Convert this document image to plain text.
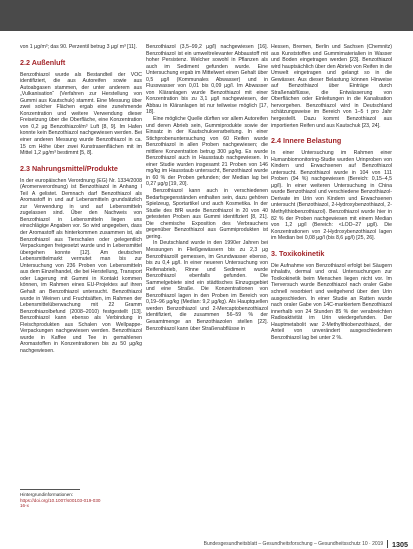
von 1 µg/m³; das 90. Perzentil betrug 3 µg/ m³ [11].

2.2 Außenluft

Benzothiazol wurde als Bestandteil der VOC identifiziert, die aus Autoreifen sowie aus Autoabgasen stammen, der unter anderem aus „Vulkanisation“ (Verfahren zur Herstellung von Gummi aus Kautschuk) stammt. Eine Messung über zwei solcher Flächen ergab eine zunehmende Konzentration und weitere Verwendung dieser Freisetzung über die Oberfläche, eine Konzentration von 0,2 µg Benzothiazol/m³ Luft [8, 9]. Im Hafen konnte kein Benzothiazol nachgewiesen werden. Bei einer anderen Messung wurde Benzothiazol in ca. 15 cm Höhe über zwei Kunstrasenflächen mit im Mittel 1,2 µg/m³ bestimmt [5, 8].

2.3 Nahrungsmittel/Produkte

In der europäischen Verordnung (EG) Nr. 1334/2008 (Aromenverordnung) ist Benzothiazol in Anhang I Teil A gelistet. Demnach darf Benzothiazol als Aromastoff in und auf Lebensmitteln grundsätzlich zur Verwendung in und auf Lebensmitteln zugelassen sind. Über den Nachweis von Benzothiazol in Lebensmitteln liegen uns einschlägige Angaben vor. So wird angegeben, dass der Aromastoff als hinterkommen zusammen ist, als Benzothiazol aus Tierschalen oder gelegentlich Verpackungen freigesetzt wurde und in Lebensmittel übergehen konnte [12]. Am deutschen Lebensmittelmarkt vermutet man bis zur Untersuchung von 236 Proben von Lebensmitteln aus dem Einzelhandel, die bei Herstellung, Transport oder Lagerung mit Gummi in Kontakt kommen können, im Rahmen eines EU-Projektes auf ihren Gehalt an Benzothiazol untersucht. Benzothiazol wurde in Weinen und Fruchtsäften, im Rahmen der Lebensmittelüberwachung mit 22 Gramm Benzothiazolbefund (2008–2010) festgestellt [13]. Benzothiazol kann ebenso als Verbindung in Fleischprodukten aus Schalen von Wellpappe-Verpackungen nachgewiesen werden. Benzothiazol wurde in Kaffee und Tee in gemahlenen Aromastoffen in Konzentrationen bis zu 50 µg/kg nachgewiesen.

Benzothiazol (3,5–99,2 µg/l) nachgewiesen [16]. Benzothiazol ist ein umweltrelevanter Abbaustoff mit hoher Persistenz. Welcher sowohl in Pflanzen als auch im Sediment gefunden wurde. Eine Untersuchung ergab im Mittelwert einen Gehalt über 0,5 µg/l (Kommunales Abwasser) und in Flusswasser von 0,01 bis 0,09 µg/l. Im Abwasser von Kläranlagen wurde Benzothiazol mit einer Konzentration bis zu 3,1 µg/l nachgewiesen, der Abbau in Kläranlagen ist nur teilweise möglich [17, 18].

Eine mögliche Quelle dürften vor allem Autoreifen und deren Abrieb sein, Gummiprodukte sowie der Einsatz in der Kautschukverarbeitung. In einer Stichprobenuntersuchung von 60 Reifen wurde Benzothiazol in allen Proben nachgewiesen; die mittlere Konzentration betrug 300 µg/kg. Es wurde Benzothiazol auch in Hausstaub nachgewiesen. In einer Studie wurden insgesamt 21 Proben von 146 mg/kg im Hausstaub untersucht, Benzothiazol wurde in 60 % der Proben gefunden; der Median lag bei 0,27 µg/g [19, 20].

Benzothiazol kann auch in verschiedenen Bedarfsgegenständen enthalten sein, dazu gehören Spielzeug, Sportartikel und auch Kosmetika. In der Studie des BfR wurde Benzothiazol in 20 von 40 getesteten Proben aus Gummi identifiziert [8, 21]. Die chemische Exposition des Verbrauchers gegenüber Benzothiazol aus Gummiprodukten ist gering.

In Deutschland wurde in den 1990er Jahren bei Messungen in Fließgewässern bis zu 2,3 µg Benzothiazol/l gemessen, im Grundwasser ebenso, bis zu 0,4 µg/l. In einer neueren Untersuchung von Reifenabrieb, Rinne und Sediment wurde Benzothiazol ebenfalls gefunden. Die Sammelgebiete sind ein städtisches Einzugsgebiet und eine Straße. Die Konzentrationen von Benzothiazol lagen in den Proben im Bereich von 0,19–96 µg/kg (Median: 9,2 µg/kg). Als Hauptquellen werden Benzothiazol und 2-Mercaptobenzothiazol identifiziert, die zusammen 56–59 % der Gesamtmenge an Benzothiazolen stellen [22]. Benzothiazol kann über Straßenabflüsse in

Hessen, Bremen, Berlin und Sachsen (Chemnitz) aus Kunststoffen und Gummimaterialien in Wasser und Boden eingetragen werden [23]. Benzothiazol wird hauptsächlich über den Abrieb von Reifen in die Umwelt eingetragen und gelangt so in die Gewässer. Aus dieser Belastung können Hinweise auf Benzothiazol über Einträge durch Straßenabflüsse, die Entwässerung von Oberflächen oder Einleitungen in die Kanalisation hervorgehen. Benzothiazol wird in Deutschland schätzungsweise im Bereich von 1–5 t pro Jahr hergestellt. Dazu kommt Benzothiazol aus importierten Reifen und aus Kautschuk [23, 24].

2.4 Innere Belastung

In einer Untersuchung im Rahmen einer Humanbiomonitoring-Studie wurden Urinproben von Kindern und Erwachsenen auf Benzothiazol untersucht. Benzothiazol wurde in 104 von 111 Proben (94 %) nachgewiesen (Bereich: 0,15–4,5 µg/l). In einer weiteren Untersuchung in China wurde Benzothiazol und verschiedene Benzothiazol-Derivate im Urin von Kindern und Erwachsenen untersucht (Benzothiazol, 2-Hydroxybenzothiazol, 2-Methylthiobenzothiazol). Benzothiazol wurde hier in 82 % der Proben nachgewiesen mit einem Median von 1,2 µg/l (Bereich: <LOD–27 µg/l). Die Konzentrationen von 2-Hydroxybenzothiazol lagen im Median bei 0,08 µg/l (bis 8,6 µg/l) [25, 26].

3. Toxikokinetik

Die Aufnahme von Benzothiazol erfolgt bei Säugern inhalativ, dermal und oral. Untersuchungen zur Toxikokinetik beim Menschen liegen nicht vor. Im Tierversuch wurde Benzothiazol nach oraler Gabe schnell resorbiert und weitgehend über den Urin ausgeschieden. In einer Studie an Ratten wurde nach oraler Gabe von 14C-markiertem Benzothiazol innerhalb von 24 Stunden 85 % der verabreichten Radioaktivität im Urin wiedergefunden. Der Hauptmetabolit war 2-Methylthiobenzothiazol, der Anteil von unverändert ausgeschiedenem Benzothiazol lag bei unter 2 %.

Hintergrundinformationen:
https://doi.org/10.1007/s00103-019-03016-x
Bundesgesundheitsblatt – Gesundheitsforschung – Gesundheitsschutz 10 · 2019 1305
